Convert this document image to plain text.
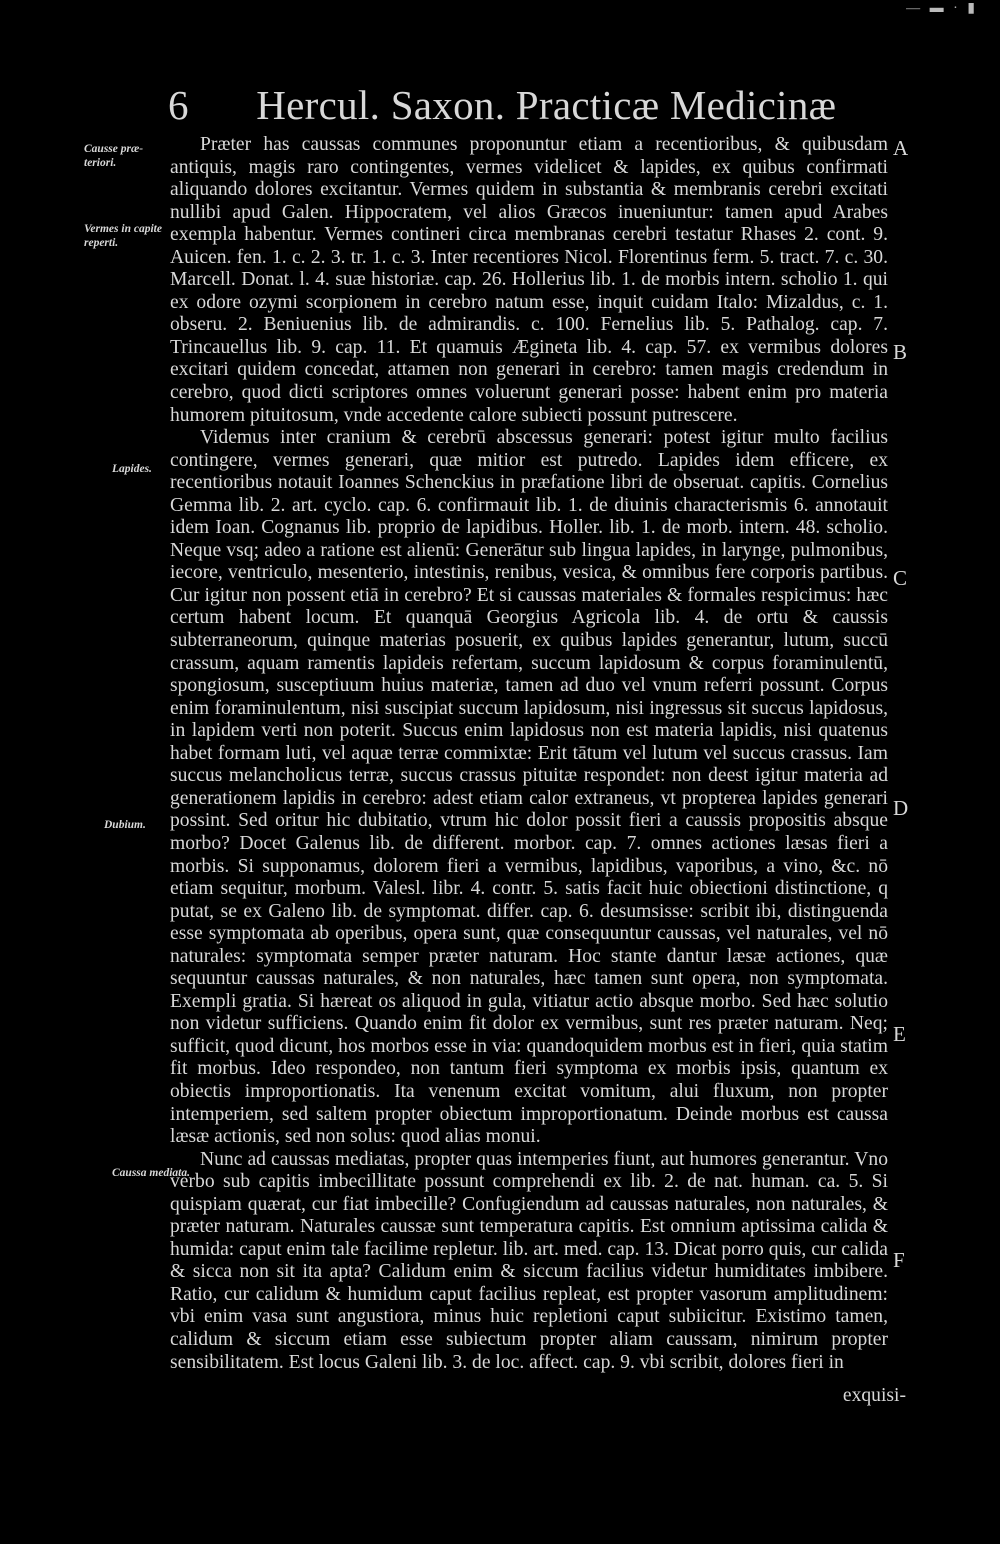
— ▬ · ▮
6 Hercul. Saxon. Practicæ Medicinæ
Causse præ- teriori.
Vermes in capite reperti.
Lapides.
Dubium.
Caussa mediata.
A
B
C
D
E
F

Præter has caussas communes proponuntur etiam a recentioribus, & quibusdam antiquis, magis raro contingentes, vermes videlicet & lapides, ex quibus confirmati aliquando dolores excitantur. Vermes quidem in substantia & membranis cerebri excitati nullibi apud Galen. Hippocratem, vel alios Græcos inueniuntur: tamen apud Arabes exempla habentur. Vermes contineri circa membranas cerebri testatur Rhases 2. cont. 9. Auicen. fen. 1. c. 2. 3. tr. 1. c. 3. Inter recentiores Nicol. Florentinus ferm. 5. tract. 7. c. 30. Marcell. Donat. l. 4. suæ historiæ. cap. 26. Hollerius lib. 1. de morbis intern. scholio 1. qui ex odore ozymi scorpionem in cerebro natum esse, inquit cuidam Italo: Mizaldus, c. 1. obseru. 2. Beniuenius lib. de admirandis. c. 100. Fernelius lib. 5. Pathalog. cap. 7. Trincauellus lib. 9. cap. 11. Et quamuis Ægineta lib. 4. cap. 57. ex vermibus dolores excitari quidem concedat, attamen non generari in cerebro: tamen magis credendum in cerebro, quod dicti scriptores omnes voluerunt generari posse: habent enim pro materia humorem pituitosum, vnde accedente calore subiecti possunt putrescere.

Videmus inter cranium & cerebrū abscessus generari: potest igitur multo facilius contingere, vermes generari, quæ mitior est putredo. Lapides idem efficere, ex recentioribus notauit Ioannes Schenckius in præfatione libri de obseruat. capitis. Cornelius Gemma lib. 2. art. cyclo. cap. 6. confirmauit lib. 1. de diuinis characterismis 6. annotauit idem Ioan. Cognanus lib. proprio de lapidibus. Holler. lib. 1. de morb. intern. 48. scholio. Neque vsq; adeo a ratione est alienū: Generātur sub lingua lapides, in larynge, pulmonibus, iecore, ventriculo, mesenterio, intestinis, renibus, vesica, & omnibus fere corporis partibus. Cur igitur non possent etiā in cerebro? Et si caussas materiales & formales respicimus: hæc certum habent locum. Et quanquā Georgius Agricola lib. 4. de ortu & caussis subterraneorum, quinque materias posuerit, ex quibus lapides generantur, lutum, succū crassum, aquam ramentis lapideis refertam, succum lapidosum & corpus foraminulentū, spongiosum, susceptiuum huius materiæ, tamen ad duo vel vnum referri possunt. Corpus enim foraminulentum, nisi suscipiat succum lapidosum, nisi ingressus sit succus lapidosus, in lapidem verti non poterit. Succus enim lapidosus non est materia lapidis, nisi quatenus habet formam luti, vel aquæ terræ commixtæ: Erit tātum vel lutum vel succus crassus. Iam succus melancholicus terræ, succus crassus pituitæ respondet: non deest igitur materia ad generationem lapidis in cerebro: adest etiam calor extraneus, vt propterea lapides generari possint. Sed oritur hic dubitatio, vtrum hic dolor possit fieri a caussis propositis absque morbo? Docet Galenus lib. de different. morbor. cap. 7. omnes actiones læsas fieri a morbis. Si supponamus, dolorem fieri a vermibus, lapidibus, vaporibus, a vino, &c. nō etiam sequitur, morbum. Valesl. libr. 4. contr. 5. satis facit huic obiectioni distinctione, q putat, se ex Galeno lib. de symptomat. differ. cap. 6. desumsisse: scribit ibi, distinguenda esse symptomata ab operibus, opera sunt, quæ consequuntur caussas, vel naturales, vel nō naturales: symptomata semper præter naturam. Hoc stante dantur læsæ actiones, quæ sequuntur caussas naturales, & non naturales, hæc tamen sunt opera, non symptomata. Exempli gratia. Si hæreat os aliquod in gula, vitiatur actio absque morbo. Sed hæc solutio non videtur sufficiens. Quando enim fit dolor ex vermibus, sunt res præter naturam. Neq; sufficit, quod dicunt, hos morbos esse in via: quandoquidem morbus est in fieri, quia statim fit morbus. Ideo respondeo, non tantum fieri symptoma ex morbis ipsis, quantum ex obiectis improportionatis. Ita venenum excitat vomitum, alui fluxum, non propter intemperiem, sed saltem propter obiectum improportionatum. Deinde morbus est caussa læsæ actionis, sed non solus: quod alias monui.

Nunc ad caussas mediatas, propter quas intemperies fiunt, aut humores generantur. Vno verbo sub capitis imbecillitate possunt comprehendi ex lib. 2. de nat. human. ca. 5. Si quispiam quærat, cur fiat imbecille? Confugiendum ad caussas naturales, non naturales, & præter naturam. Naturales caussæ sunt temperatura capitis. Est omnium aptissima calida & humida: caput enim tale facilime repletur. lib. art. med. cap. 13. Dicat porro quis, cur calida & sicca non sit ita apta? Calidum enim & siccum facilius videtur humiditates imbibere. Ratio, cur calidum & humidum caput facilius repleat, est propter vasorum amplitudinem: vbi enim vasa sunt angustiora, minus huic repletioni caput subiicitur. Existimo tamen, calidum & siccum etiam esse subiectum propter aliam caussam, nimirum propter sensibilitatem. Est locus Galeni lib. 3. de loc. affect. cap. 9. vbi scribit, dolores fieri in

exquisi-
